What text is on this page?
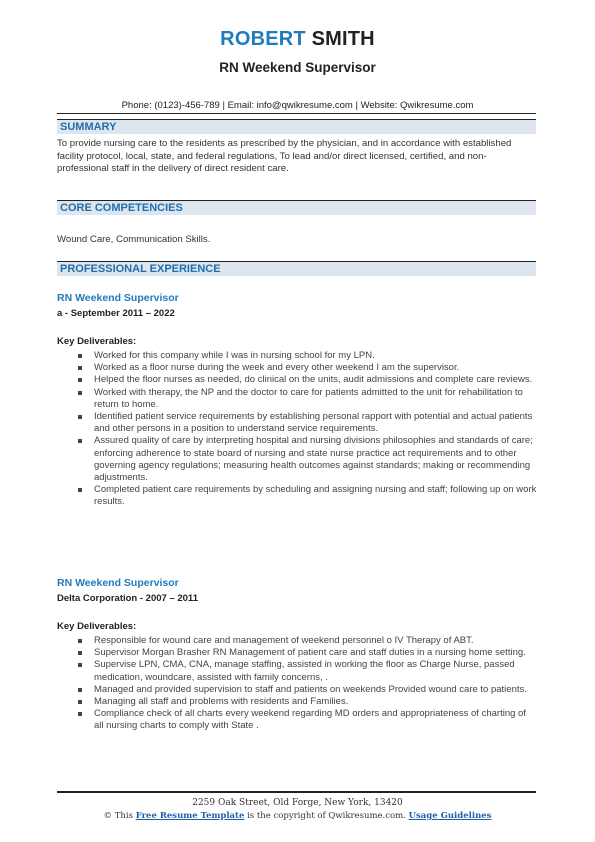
ROBERT SMITH
RN Weekend Supervisor
Phone: (0123)-456-789 | Email: info@qwikresume.com | Website: Qwikresume.com
SUMMARY
To provide nursing care to the residents as prescribed by the physician, and in accordance with established facility protocol, local, state, and federal regulations, To lead and/or direct licensed, certified, and non-professional staff in the delivery of direct resident care.
CORE COMPETENCIES
Wound Care, Communication Skills.
PROFESSIONAL EXPERIENCE
RN Weekend Supervisor
a - September 2011 – 2022
Key Deliverables:
Worked for this company while I was in nursing school for my LPN.
Worked as a floor nurse during the week and every other weekend I am the supervisor.
Helped the floor nurses as needed, do clinical on the units, audit admissions and complete care reviews.
Worked with therapy, the NP and the doctor to care for patients admitted to the unit for rehabilitation to return to home.
Identified patient service requirements by establishing personal rapport with potential and actual patients and other persons in a position to understand service requirements.
Assured quality of care by interpreting hospital and nursing divisions philosophies and standards of care; enforcing adherence to state board of nursing and state nurse practice act requirements and to other governing agency regulations; measuring health outcomes against standards; making or recommending adjustments.
Completed patient care requirements by scheduling and assigning nursing and staff; following up on work results.
RN Weekend Supervisor
Delta Corporation - 2007 – 2011
Key Deliverables:
Responsible for wound care and management of weekend personnel o IV Therapy of ABT.
Supervisor Morgan Brasher RN Management of patient care and staff duties in a nursing home setting.
Supervise LPN, CMA, CNA, manage staffing, assisted in working the floor as Charge Nurse, passed medication, woundcare, assisted with family concerns, .
Managed and provided supervision to staff and patients on weekends Provided wound care to patients.
Managing all staff and problems with residents and Families.
Compliance check of all charts every weekend regarding MD orders and appropriateness of charting of all nursing charts to comply with State .
2259 Oak Street, Old Forge, New York, 13420
© This Free Resume Template is the copyright of Qwikresume.com. Usage Guidelines
